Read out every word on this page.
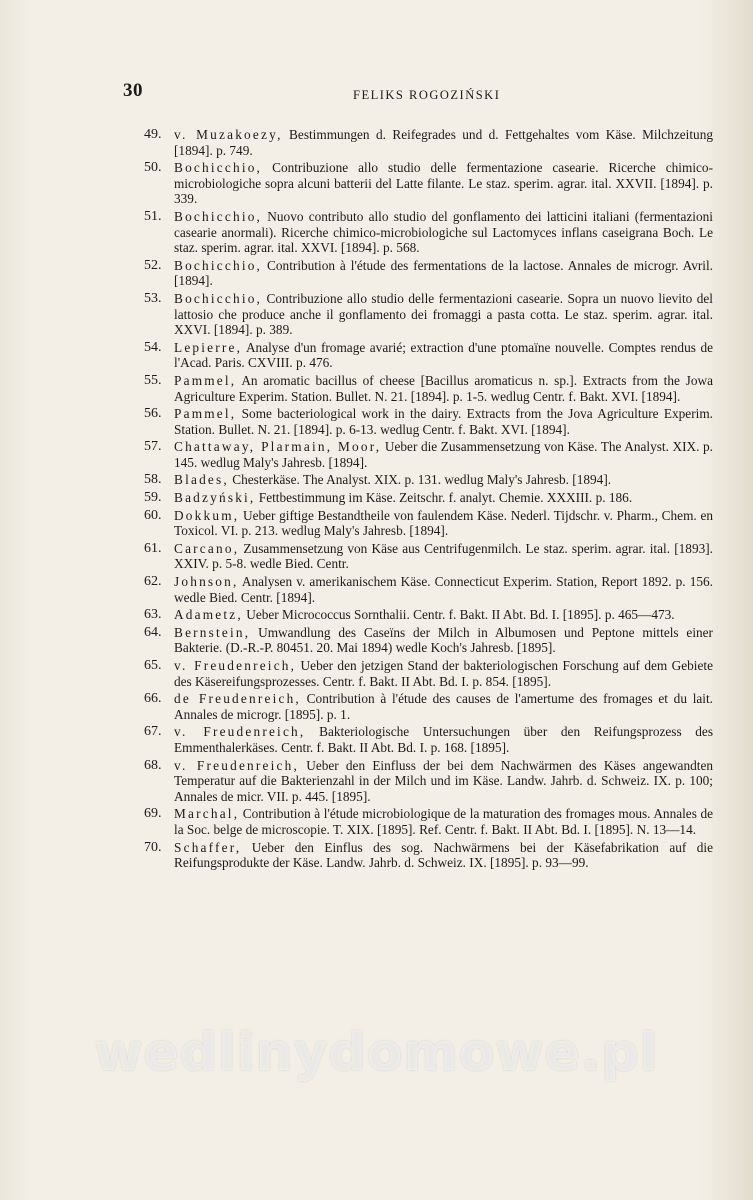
30	FELIKS ROGOZIŃSKI
49. v. Muzakoezy, Bestimmungen d. Reifegrades und d. Fettgehaltes vom Käse. Milchzeitung [1894]. p. 749.
50. Bochicchio, Contribuzione allo studio delle fermentazione casearie. Ricerche chimico-microbiologiche sopra alcuni batterii del Latte filante. Le staz. sperim. agrar. ital. XXVII. [1894]. p. 339.
51. Bochicchio, Nuovo contributo allo studio del gonflamento dei latticini italiani (fermentazioni casearie anormali). Ricerche chimico-microbiologiche sul Lactomyces inflans caseigrana Boch. Le staz. sperim. agrar. ital. XXVI. [1894]. p. 568.
52. Bochicchio, Contribution à l'étude des fermentations de la lactose. Annales de microgr. Avril. [1894].
53. Bochicchio, Contribuzione allo studio delle fermentazioni casearie. Sopra un nuovo lievito del lattosio che produce anche il gonflamento dei fromaggi a pasta cotta. Le staz. sperim. agrar. ital. XXVI. [1894]. p. 389.
54. Lepierre, Analyse d'un fromage avarié; extraction d'une ptomaïne nouvelle. Comptes rendus de l'Acad. Paris. CXVIII. p. 476.
55. Pammel, An aromatic bacillus of cheese [Bacillus aromaticus n. sp.]. Extracts from the Jowa Agriculture Experim. Station. Bullet. N. 21. [1894]. p. 1-5. wedlug Centr. f. Bakt. XVI. [1894].
56. Pammel, Some bacteriological work in the dairy. Extracts from the Jova Agriculture Experim. Station. Bullet. N. 21. [1894]. p. 6-13. wedlug Centr. f. Bakt. XVI. [1894].
57. Chattaway, Plarmain, Moor, Ueber die Zusammensetzung von Käse. The Analyst. XIX. p. 145. wedlug Maly's Jahresb. [1894].
58. Blades, Chesterkäse. The Analyst. XIX. p. 131. wedlug Maly's Jahresb. [1894].
59. Badzyński, Fettbestimmung im Käse. Zeitschr. f. analyt. Chemie. XXXIII. p. 186.
60. Dokkum, Ueber giftige Bestandtheile von faulendem Käse. Nederl. Tijdschr. v. Pharm., Chem. en Toxicol. VI. p. 213. wedlug Maly's Jahresb. [1894].
61. Carcano, Zusammensetzung von Käse aus Centrifugenmilch. Le staz. sperim. agrar. ital. [1893]. XXIV. p. 5-8. wedle Bied. Centr.
62. Johnson, Analysen v. amerikanischem Käse. Connecticut Experim. Station, Report 1892. p. 156. wedle Bied. Centr. [1894].
63. Adametz, Ueber Micrococcus Sornthalii. Centr. f. Bakt. II Abt. Bd. I. [1895]. p. 465—473.
64. Bernstein, Umwandlung des Caseïns der Milch in Albumosen und Peptone mittels einer Bakterie. (D.-R.-P. 80451. 20. Mai 1894) wedle Koch's Jahresb. [1895].
65. v. Freudenreich, Ueber den jetzigen Stand der bakteriologischen Forschung auf dem Gebiete des Käsereifungsprozesses. Centr. f. Bakt. II Abt. Bd. I. p. 854. [1895].
66. de Freudenreich, Contribution à l'étude des causes de l'amertume des fromages et du lait. Annales de microgr. [1895]. p. 1.
67. v. Freudenreich, Bakteriologische Untersuchungen über den Reifungsprozess des Emmenthalerkäses. Centr. f. Bakt. II Abt. Bd. I. p. 168. [1895].
68. v. Freudenreich, Ueber den Einfluss der bei dem Nachwärmen des Käses angewandten Temperatur auf die Bakterienzahl in der Milch und im Käse. Landw. Jahrb. d. Schweiz. IX. p. 100; Annales de micr. VII. p. 445. [1895].
69. Marchal, Contribution à l'étude microbiologique de la maturation des fromages mous. Annales de la Soc. belge de microscopie. T. XIX. [1895]. Ref. Centr. f. Bakt. II Abt. Bd. I. [1895]. N. 13—14.
70. Schaffer, Ueber den Einflus des sog. Nachwärmens bei der Käsefabrikation auf die Reifungsprodukte der Käse. Landw. Jahrb. d. Schweiz. IX. [1895]. p. 93—99.
wedlinydomowe.pl
